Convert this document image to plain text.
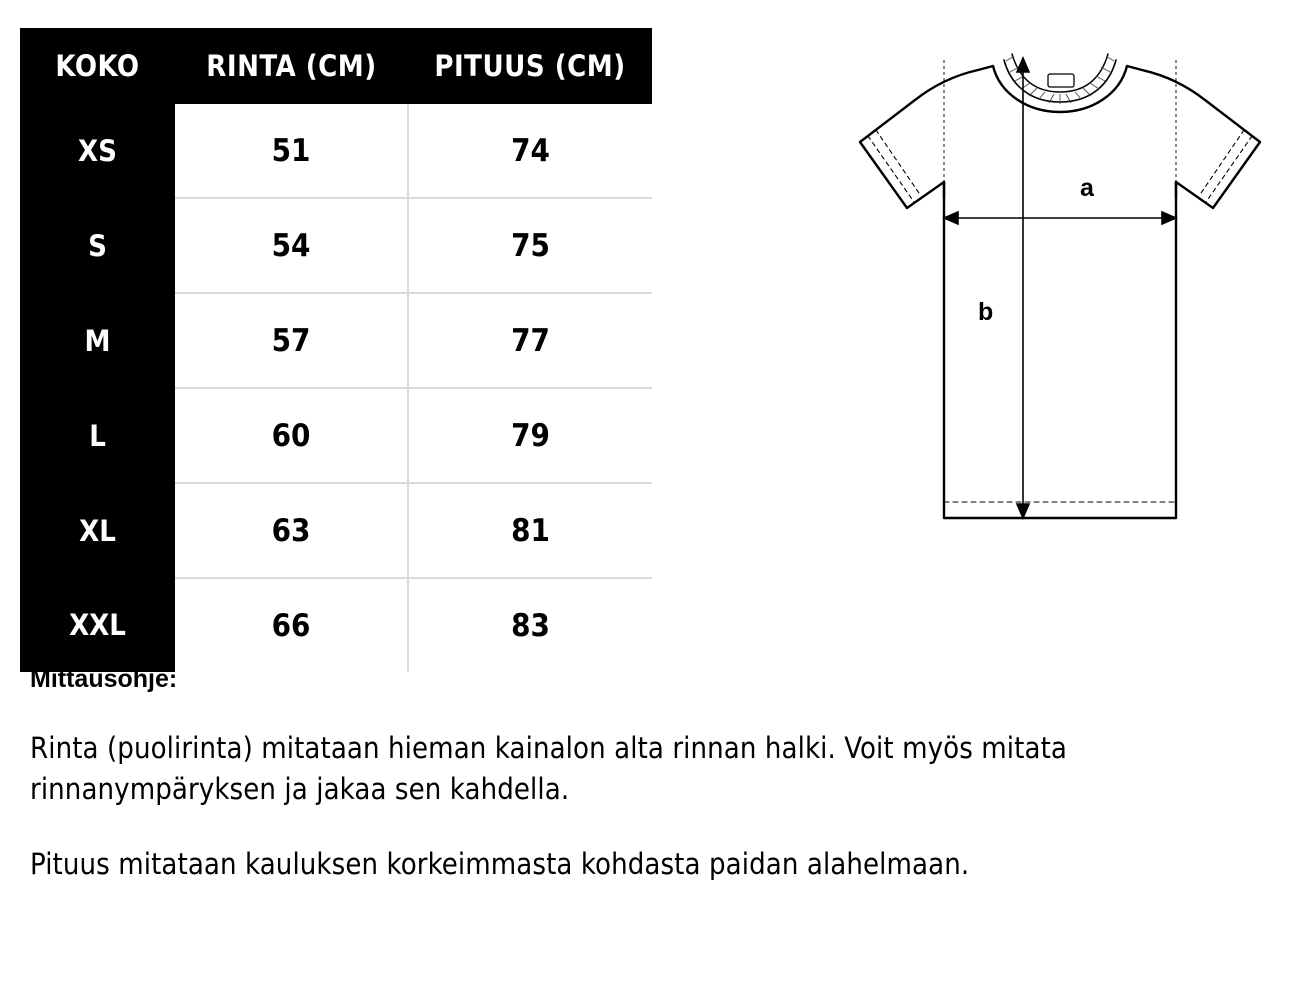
KOKO	RINTA (CM)	PITUUS (CM)
XS	51	74
S	54	75
M	57	77
L	60	79
XL	63	81
XXL	66	83
a
b
Mittausohje:

Rinta (puolirinta) mitataan hieman kainalon alta rinnan halki. Voit myös mitata rinnanympäryksen ja jakaa sen kahdella.

Pituus mitataan kauluksen korkeimmasta kohdasta paidan alahelmaan.
